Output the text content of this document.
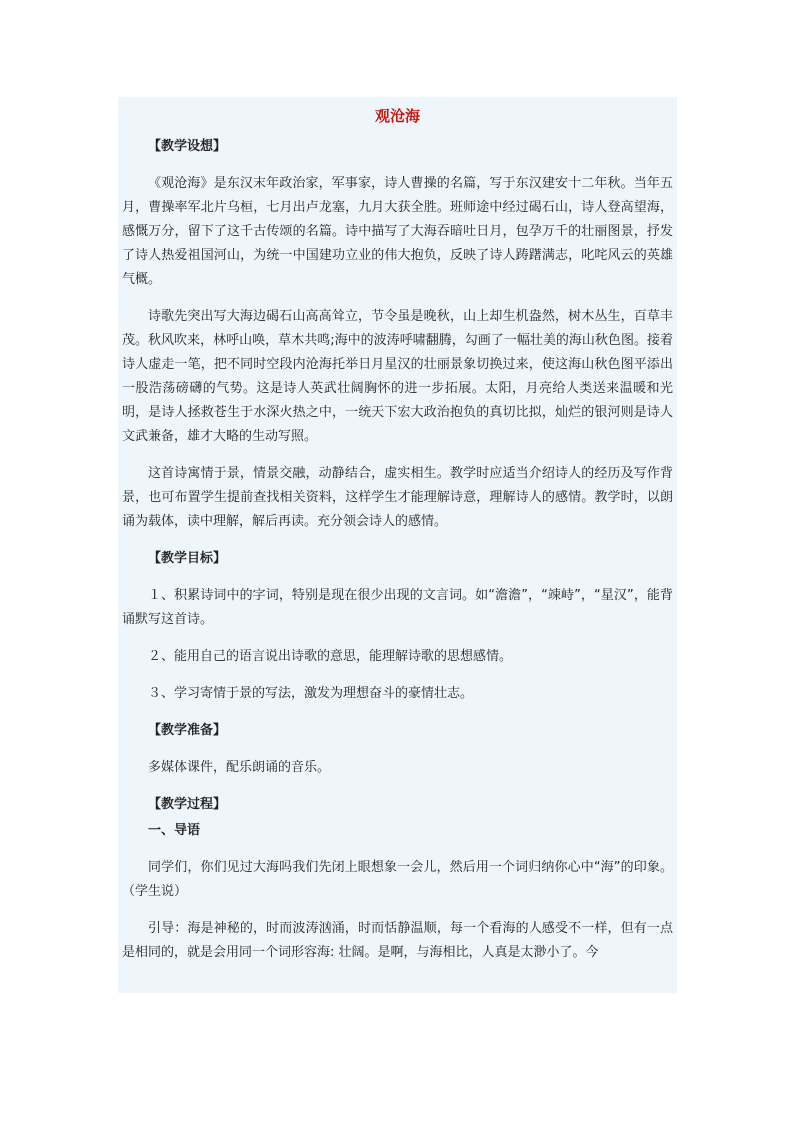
观沧海
【教学设想】

《观沧海》是东汉末年政治家，军事家，诗人曹操的名篇，写于东汉建安十二年秋。当年五月，曹操率军北片乌桓，七月出卢龙塞，九月大获全胜。班师途中经过碣石山，诗人登高望海，感慨万分，留下了这千古传颂的名篇。诗中描写了大海吞暗吐日月，包孕万千的壮丽图景，抒发了诗人热爱祖国河山，为统一中国建功立业的伟大抱负，反映了诗人踌躇满志，叱咤风云的英雄气概。

诗歌先突出写大海边碣石山高高耸立，节令虽是晚秋，山上却生机盎然，树木丛生，百草丰茂。秋风吹来，林呼山唤，草木共鸣;海中的波涛呼啸翻腾，勾画了一幅壮美的海山秋色图。接着诗人虚走一笔，把不同时空段内沧海托举日月星汉的壮丽景象切换过来，使这海山秋色图平添出一股浩荡磅礴的气势。这是诗人英武壮阔胸怀的进一步拓展。太阳，月亮给人类送来温暖和光明，是诗人拯救苍生于水深火热之中，一统天下宏大政治抱负的真切比拟，灿烂的银河则是诗人文武兼备，雄才大略的生动写照。

这首诗寓情于景，情景交融，动静结合，虚实相生。教学时应适当介绍诗人的经历及写作背景，也可布置学生提前查找相关资料，这样学生才能理解诗意，理解诗人的感情。教学时，以朗诵为载体，读中理解，解后再读。充分领会诗人的感情。

【教学目标】

１、积累诗词中的字词，特别是现在很少出现的文言词。如“澹澹”，“竦峙”，“星汉”，能背诵默写这首诗。

２、能用自己的语言说出诗歌的意思，能理解诗歌的思想感情。

３、学习寄情于景的写法，激发为理想奋斗的豪情壮志。

【教学准备】

多媒体课件，配乐朗诵的音乐。

【教学过程】
一、导语

同学们，你们见过大海吗我们先闭上眼想象一会儿，然后用一个词归纳你心中“海”的印象。（学生说）

引导：海是神秘的，时而波涛汹涌，时而恬静温顺，每一个看海的人感受不一样，但有一点是相同的，就是会用同一个词形容海: 壮阔。是啊，与海相比，人真是太渺小了。今
